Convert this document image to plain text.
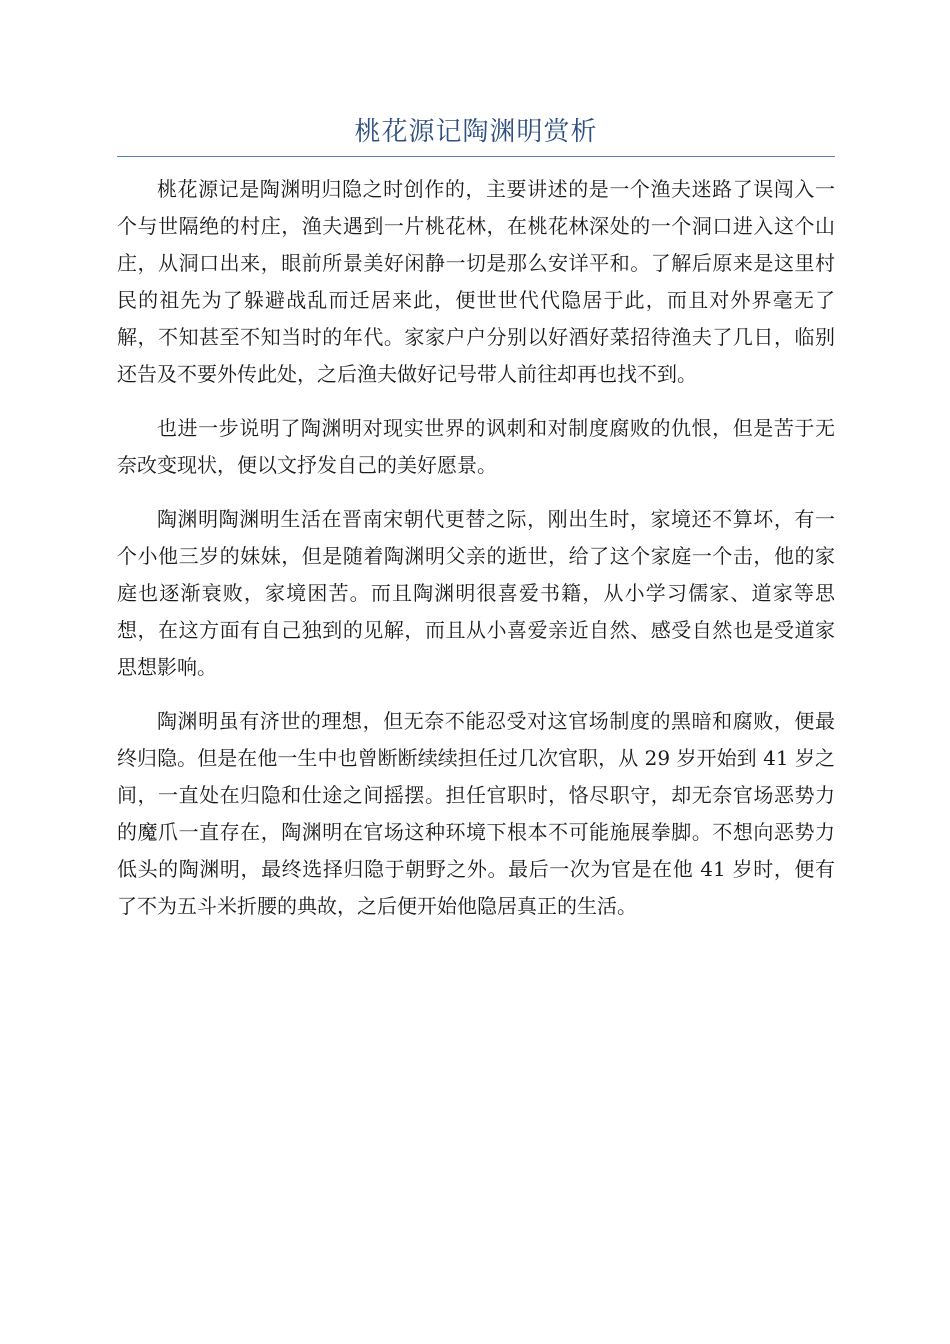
桃花源记陶渊明赏析

桃花源记是陶渊明归隐之时创作的，主要讲述的是一个渔夫迷路了误闯入一个与世隔绝的村庄，渔夫遇到一片桃花林，在桃花林深处的一个洞口进入这个山庄，从洞口出来，眼前所景美好闲静一切是那么安详平和。了解后原来是这里村民的祖先为了躲避战乱而迁居来此，便世世代代隐居于此，而且对外界毫无了解，不知甚至不知当时的年代。家家户户分别以好酒好菜招待渔夫了几日，临别还告及不要外传此处，之后渔夫做好记号带人前往却再也找不到。

也进一步说明了陶渊明对现实世界的讽刺和对制度腐败的仇恨，但是苦于无奈改变现状，便以文抒发自己的美好愿景。

陶渊明陶渊明生活在晋南宋朝代更替之际，刚出生时，家境还不算坏，有一个小他三岁的妹妹，但是随着陶渊明父亲的逝世，给了这个家庭一个击，他的家庭也逐渐衰败，家境困苦。而且陶渊明很喜爱书籍，从小学习儒家、道家等思想，在这方面有自己独到的见解，而且从小喜爱亲近自然、感受自然也是受道家思想影响。

陶渊明虽有济世的理想，但无奈不能忍受对这官场制度的黑暗和腐败，便最终归隐。但是在他一生中也曾断断续续担任过几次官职，从 29 岁开始到 41 岁之间，一直处在归隐和仕途之间摇摆。担任官职时，恪尽职守，却无奈官场恶势力的魔爪一直存在，陶渊明在官场这种环境下根本不可能施展拳脚。不想向恶势力低头的陶渊明，最终选择归隐于朝野之外。最后一次为官是在他 41 岁时，便有了不为五斗米折腰的典故，之后便开始他隐居真正的生活。
